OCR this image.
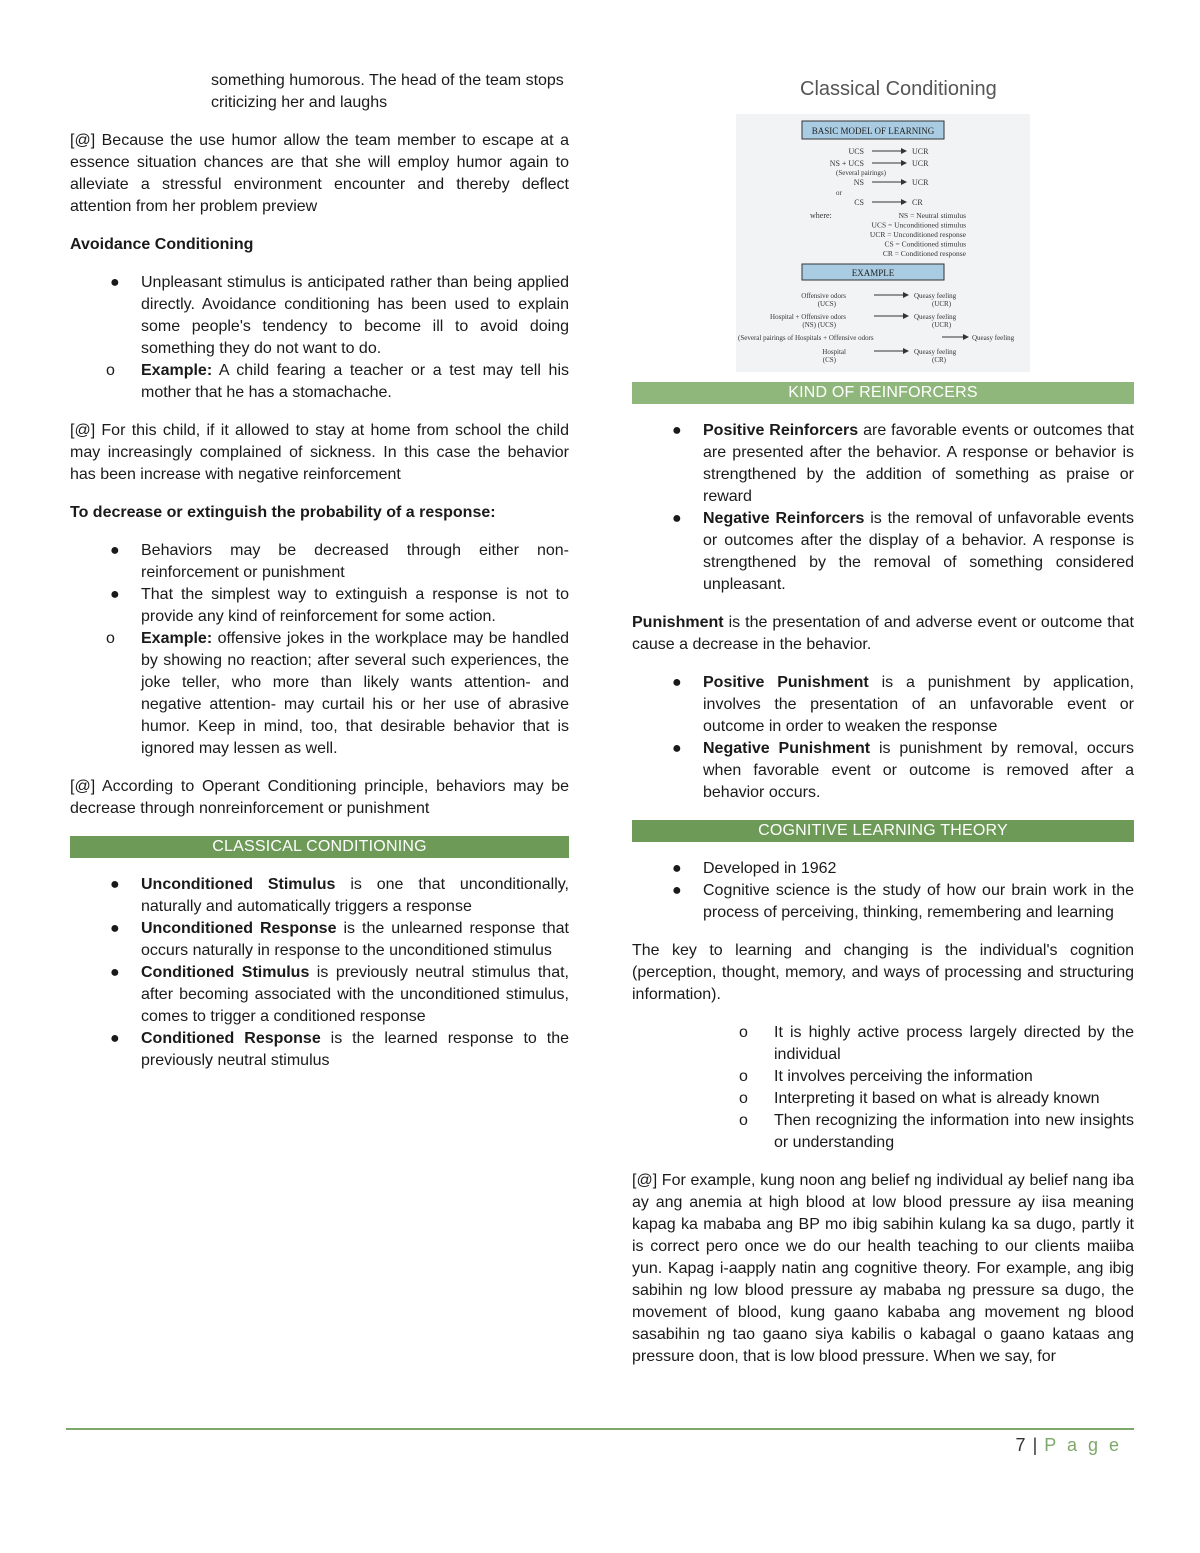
something humorous. The head of the team stops criticizing her and laughs

[@] Because the use humor allow the team member to escape at a essence situation chances are that she will employ humor again to alleviate a stressful environment encounter and thereby deflect attention from her problem preview

Avoidance Conditioning
● Unpleasant stimulus is anticipated rather than being applied directly. Avoidance conditioning has been used to explain some people's tendency to become ill to avoid doing something they do not want to do.
o Example: A child fearing a teacher or a test may tell his mother that he has a stomachache.

[@] For this child, if it allowed to stay at home from school the child may increasingly complained of sickness. In this case the behavior has been increase with negative reinforcement

To decrease or extinguish the probability of a response:
● Behaviors may be decreased through either non-reinforcement or punishment
● That the simplest way to extinguish a response is not to provide any kind of reinforcement for some action.
o Example: offensive jokes in the workplace may be handled by showing no reaction; after several such experiences, the joke teller, who more than likely wants attention- and negative attention- may curtail his or her use of abrasive humor. Keep in mind, too, that desirable behavior that is ignored may lessen as well.

[@] According to Operant Conditioning principle, behaviors may be decrease through nonreinforcement or punishment

CLASSICAL CONDITIONING
● Unconditioned Stimulus is one that unconditionally, naturally and automatically triggers a response
● Unconditioned Response is the unlearned response that occurs naturally in response to the unconditioned stimulus
● Conditioned Stimulus is previously neutral stimulus that, after becoming associated with the unconditioned stimulus, comes to trigger a conditioned response
● Conditioned Response is the learned response to the previously neutral stimulus
Classical Conditioning
BASIC MODEL OF LEARNING
UCS	UCR
NS + UCS	UCR
(Several pairings)
NS	UCR
or
CS	CR
where:	NS = Neutral stimulus
UCS = Unconditioned stimulus
UCR = Unconditioned response
CS = Conditioned stimulus
CR = Conditioned response
EXAMPLE
Offensive odors
(UCS)
Queasy feeling
(UCR)
Hospital + Offensive odors
(NS) (UCS)
Queasy feeling
(UCR)
(Several pairings of Hospitals + Offensive odors	Queasy feeling
Hospital
(CS)
Queasy feeling
(CR)
KIND OF REINFORCERS
● Positive Reinforcers are favorable events or outcomes that are presented after the behavior. A response or behavior is strengthened by the addition of something as praise or reward
● Negative Reinforcers is the removal of unfavorable events or outcomes after the display of a behavior. A response is strengthened by the removal of something considered unpleasant.

Punishment is the presentation of and adverse event or outcome that cause a decrease in the behavior.

● Positive Punishment is a punishment by application, involves the presentation of an unfavorable event or outcome in order to weaken the response
● Negative Punishment is punishment by removal, occurs when favorable event or outcome is removed after a behavior occurs.
COGNITIVE LEARNING THEORY
● Developed in 1962
● Cognitive science is the study of how our brain work in the process of perceiving, thinking, remembering and learning

The key to learning and changing is the individual's cognition (perception, thought, memory, and ways of processing and structuring information).

o It is highly active process largely directed by the individual
o It involves perceiving the information
o Interpreting it based on what is already known
o Then recognizing the information into new insights or understanding

[@] For example, kung noon ang belief ng individual ay belief nang iba ay ang anemia at high blood at low blood pressure ay iisa meaning kapag ka mababa ang BP mo ibig sabihin kulang ka sa dugo, partly it is correct pero once we do our health teaching to our clients maiiba yun. Kapag i-aapply natin ang cognitive theory. For example, ang ibig sabihin ng low blood pressure ay mababa ng pressure sa dugo, the movement of blood, kung gaano kababa ang movement ng blood sasabihin ng tao gaano siya kabilis o kabagal o gaano kataas ang pressure doon, that is low blood pressure. When we say, for

7 | P a g e
